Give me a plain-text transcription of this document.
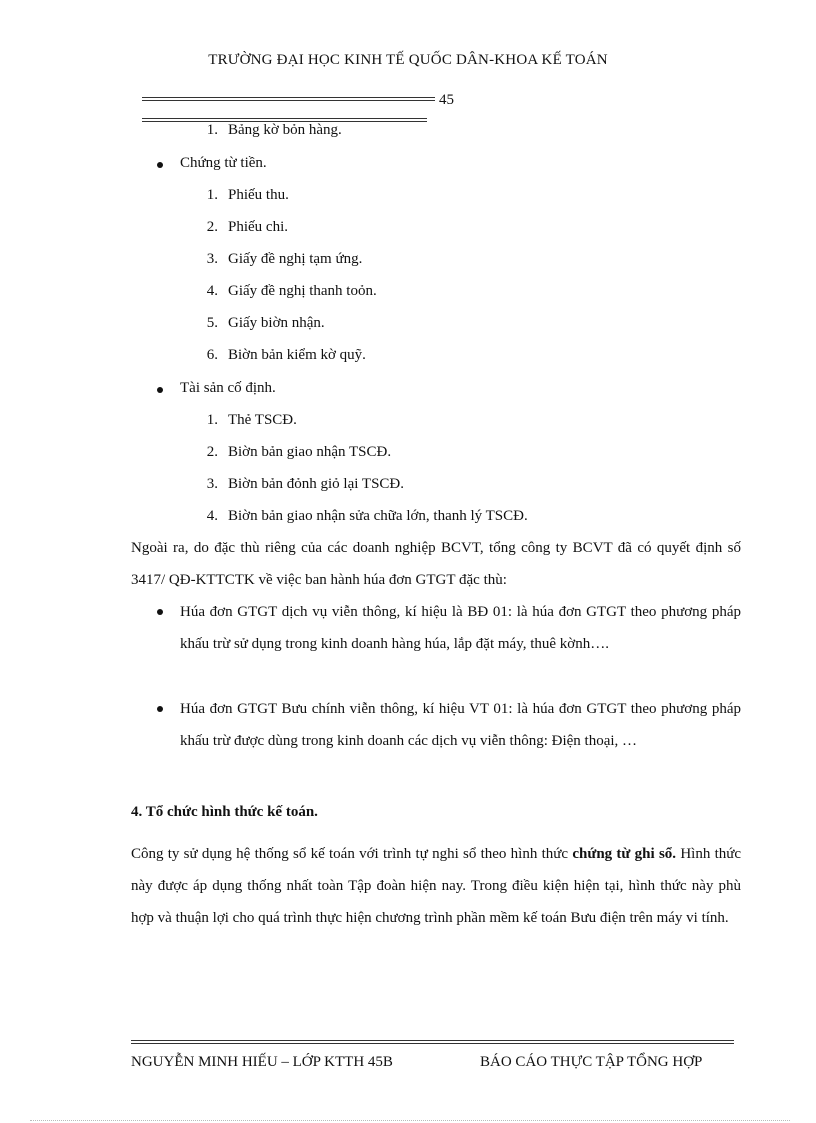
TRƯỜNG ĐẠI HỌC KINH TẾ QUỐC DÂN-KHOA KẾ TOÁN
45
1. Bảng kờ bỏn hàng.
Chứng từ tiền.
1. Phiếu thu.
2. Phiếu chi.
3. Giấy đề nghị tạm ứng.
4. Giấy đề nghị thanh toỏn.
5. Giấy biờn nhận.
6. Biờn bản kiểm kờ quỹ.
Tài sản cố định.
1. Thẻ TSCĐ.
2. Biờn bản giao nhận TSCĐ.
3. Biờn bản đỏnh giỏ lại TSCĐ.
4. Biờn bản giao nhận sửa chữa lớn, thanh lý TSCĐ.
Ngoài ra, do đặc thù riêng của các doanh nghiệp BCVT, tổng công ty BCVT đã có quyết định số 3417/ QĐ-KTTCTK về việc ban hành húa đơn GTGT đặc thù:
Húa đơn GTGT dịch vụ viễn thông, kí hiệu là BĐ 01: là húa đơn GTGT theo phương pháp khấu trừ sử dụng trong kinh doanh hàng húa, lắp đặt máy, thuê kờnh….
Húa đơn GTGT Bưu chính viễn thông, kí hiệu VT 01: là húa đơn GTGT theo phương pháp khấu trừ được dùng trong kinh doanh các dịch vụ viễn thông: Điện thoại, …
4. Tổ chức hình thức kế toán.
Công ty sử dụng hệ thống sổ kế toán với trình tự nghi sổ theo hình thức chứng từ ghi sổ. Hình thức này được áp dụng thống nhất toàn Tập đoàn hiện nay. Trong điều kiện hiện tại, hình thức này phù hợp và thuận lợi cho quá trình thực hiện chương trình phần mềm kế toán Bưu điện trên máy vi tính.
NGUYỄN MINH HIẾU – LỚP KTTH 45B	BÁO CÁO THỰC TẬP TỔNG HỢP
